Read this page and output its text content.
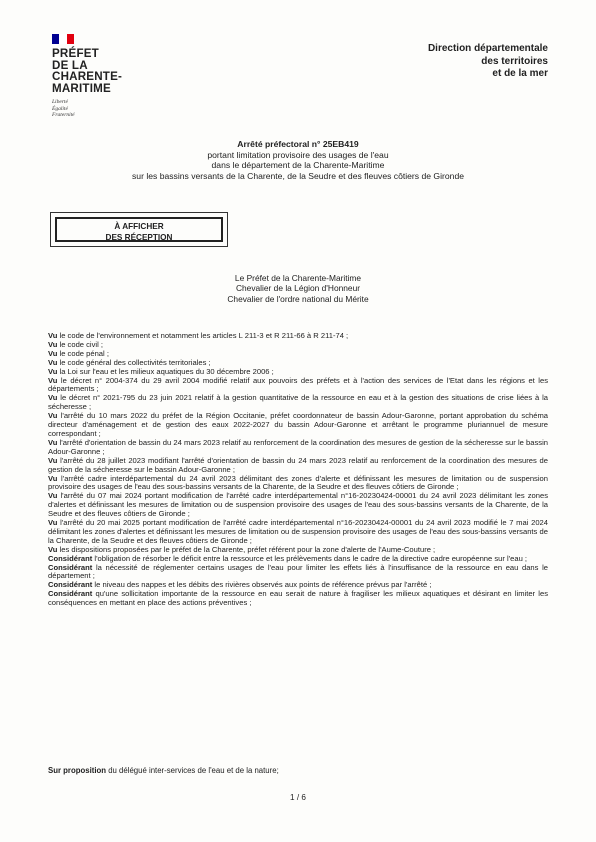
PRÉFET
DE LA
CHARENTE-
MARITIME
Liberté
Égalité
Fraternité
Direction départementale
des territoires
et de la mer
Arrêté préfectoral n° 25EB419
portant limitation provisoire des usages de l'eau
dans le département de la Charente-Maritime
sur les bassins versants de la Charente, de la Seudre et des fleuves côtiers de Gironde
À AFFICHER
DES RÉCEPTION
Le Préfet de la Charente-Maritime
Chevalier de la Légion d'Honneur
Chevalier de l'ordre national du Mérite

Vu le code de l'environnement et notamment les articles L 211-3 et R 211-66 à R 211-74 ;

Vu le code civil ;

Vu le code pénal ;

Vu le code général des collectivités territoriales ;

Vu la Loi sur l'eau et les milieux aquatiques du 30 décembre 2006 ;

Vu le décret n° 2004-374 du 29 avril 2004 modifié relatif aux pouvoirs des préfets et à l'action des services de l'Etat dans les régions et les départements ;

Vu le décret n° 2021-795 du 23 juin 2021 relatif à la gestion quantitative de la ressource en eau et à la gestion des situations de crise liées à la sécheresse ;

Vu l'arrêté du 10 mars 2022 du préfet de la Région Occitanie, préfet coordonnateur de bassin Adour-Garonne, portant approbation du schéma directeur d'aménagement et de gestion des eaux 2022-2027 du bassin Adour-Garonne et arrêtant le programme pluriannuel de mesure correspondant ;

Vu l'arrêté d'orientation de bassin du 24 mars 2023 relatif au renforcement de la coordination des mesures de gestion de la sécheresse sur le bassin Adour-Garonne ;

Vu l'arrêté du 28 juillet 2023 modifiant l'arrêté d'orientation de bassin du 24 mars 2023 relatif au renforcement de la coordination des mesures de gestion de la sécheresse sur le bassin Adour-Garonne ;

Vu l'arrêté cadre interdépartemental du 24 avril 2023 délimitant des zones d'alerte et définissant les mesures de limitation ou de suspension provisoire des usages de l'eau des sous-bassins versants de la Charente, de la Seudre et des fleuves côtiers de Gironde ;

Vu l'arrêté du 07 mai 2024 portant modification de l'arrêté cadre interdépartemental n°16-20230424-00001 du 24 avril 2023 délimitant les zones d'alertes et définissant les mesures de limitation ou de suspension provisoire des usages de l'eau des sous-bassins versants de la Charente, de la Seudre et des fleuves côtiers de Gironde ;

Vu l'arrêté du 20 mai 2025 portant modification de l'arrêté cadre interdépartemental n°16-20230424-00001 du 24 avril 2023 modifié le 7 mai 2024 délimitant les zones d'alertes et définissant les mesures de limitation ou de suspension provisoire des usages de l'eau des sous-bassins versants de la Charente, de la Seudre et des fleuves côtiers de Gironde ;

Vu les dispositions proposées par le préfet de la Charente, préfet référent pour la zone d'alerte de l'Aume-Couture ;

Considérant l'obligation de résorber le déficit entre la ressource et les prélèvements dans le cadre de la directive cadre européenne sur l'eau ;

Considérant la nécessité de réglementer certains usages de l'eau pour limiter les effets liés à l'insuffisance de la ressource en eau dans le département ;

Considérant le niveau des nappes et les débits des rivières observés aux points de référence prévus par l'arrêté ;

Considérant qu'une sollicitation importante de la ressource en eau serait de nature à fragiliser les milieux aquatiques et désirant en limiter les conséquences en mettant en place des actions préventives ;

Sur proposition du délégué inter-services de l'eau et de la nature;
1 / 6
